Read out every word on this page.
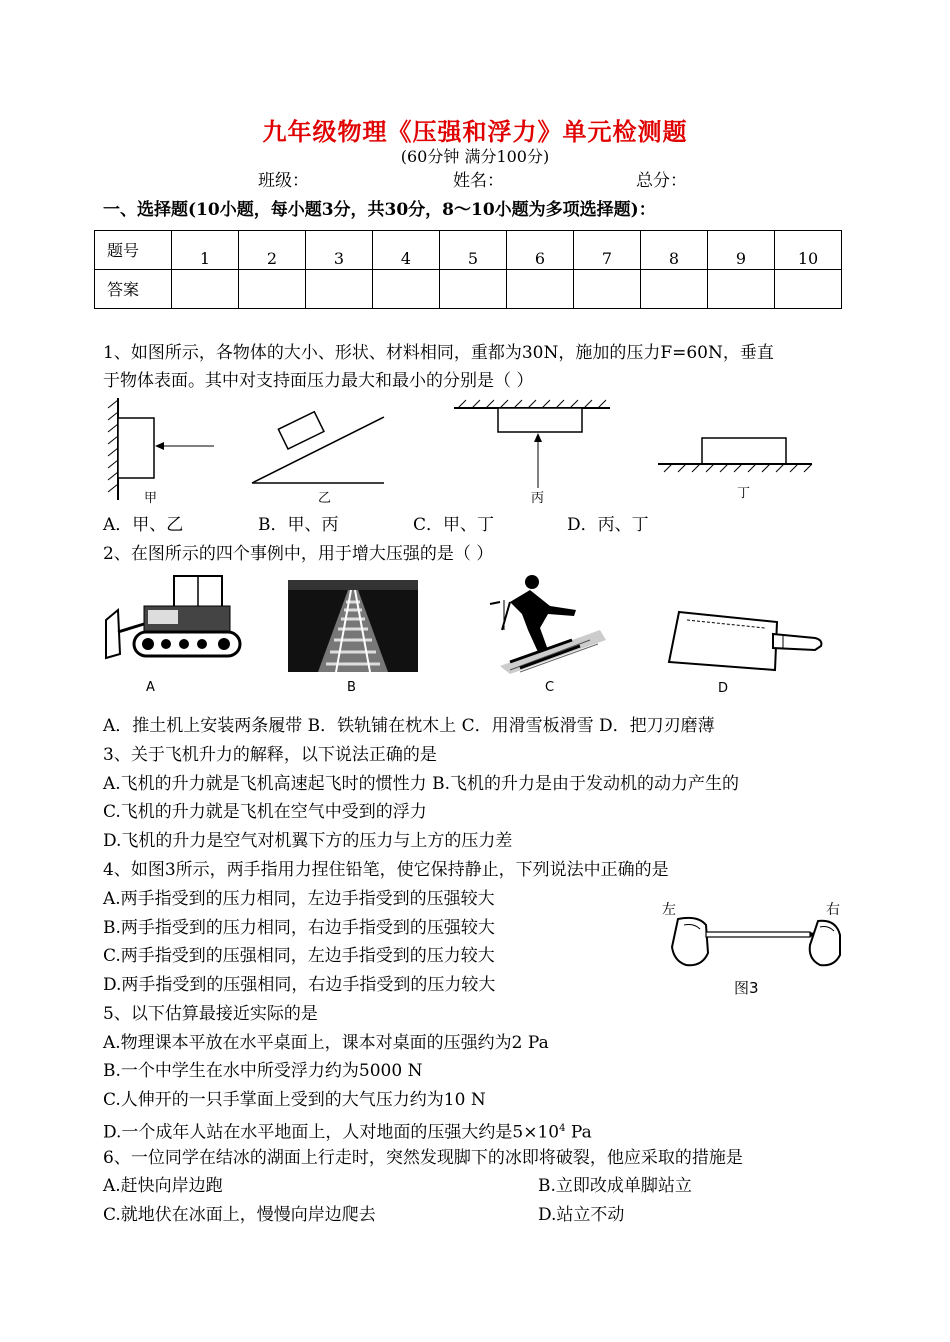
九年级物理《压强和浮力》单元检测题
(60分钟 满分100分)
班级：	姓名：	总分：
一、选择题(10小题，每小题3分，共30分，8～10小题为多项选择题)：
题号	1	2	3	4	5	6	7	8	9	10
答案										
1、如图所示，各物体的大小、形状、材料相同，重都为30N，施加的压力F=60N，垂直
于物体表面。其中对支持面压力最大和最小的分别是（ ）
甲	乙	丙	丁
A．甲、乙	B．甲、丙	C．甲、丁	D．丙、丁
2、在图所示的四个事例中，用于增大压强的是（ ）
A	B	C	D
A．推土机上安装两条履带 B．铁轨铺在枕木上 C．用滑雪板滑雪 D．把刀刃磨薄
3、关于飞机升力的解释，以下说法正确的是
A.飞机的升力就是飞机高速起飞时的惯性力 B.飞机的升力是由于发动机的动力产生的
C.飞机的升力就是飞机在空气中受到的浮力
D.飞机的升力是空气对机翼下方的压力与上方的压力差
4、如图3所示，两手指用力捏住铅笔，使它保持静止，下列说法中正确的是
A.两手指受到的压力相同，左边手指受到的压强较大
B.两手指受到的压力相同，右边手指受到的压强较大
C.两手指受到的压强相同，左边手指受到的压力较大
D.两手指受到的压强相同，右边手指受到的压力较大
左	右
图3
5、以下估算最接近实际的是
A.物理课本平放在水平桌面上，课本对桌面的压强约为2 Pa
B.一个中学生在水中所受浮力约为5000 N
C.人伸开的一只手掌面上受到的大气压力约为10 N
D.一个成年人站在水平地面上，人对地面的压强大约是$5\times 10^4$ Pa
6、一位同学在结冰的湖面上行走时，突然发现脚下的冰即将破裂，他应采取的措施是
A.赶快向岸边跑	B.立即改成单脚站立
C.就地伏在冰面上，慢慢向岸边爬去	D.站立不动
